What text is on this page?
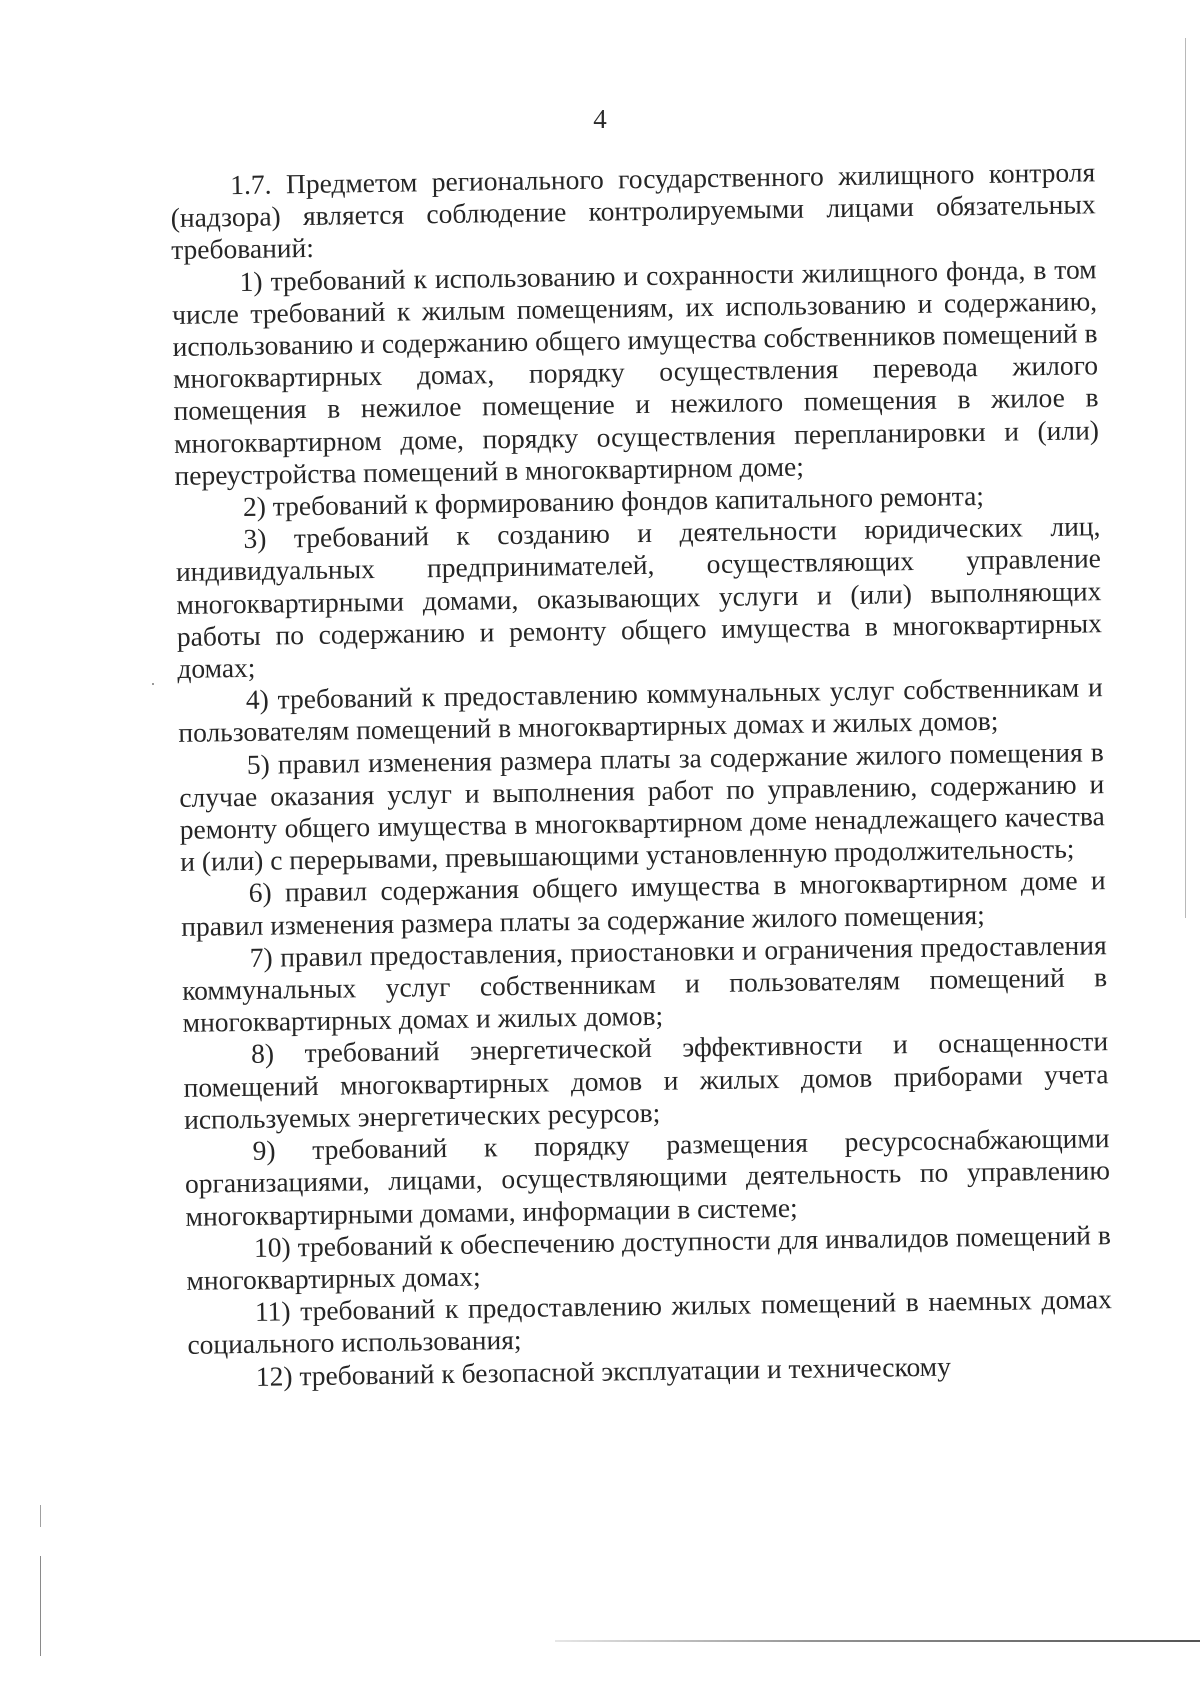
4

1.7. Предметом регионального государственного жилищного контроля (надзора) является соблюдение контролируемыми лицами обязательных требований:

1) требований к использованию и сохранности жилищного фонда, в том числе требований к жилым помещениям, их использованию и содержанию, использованию и содержанию общего имущества собственников помещений в многоквартирных домах, порядку осуществления перевода жилого помещения в нежилое помещение и нежилого помещения в жилое в многоквартирном доме, порядку осуществления перепланировки и (или) переустройства помещений в многоквартирном доме;

2) требований к формированию фондов капитального ремонта;

3) требований к созданию и деятельности юридических лиц, индивидуальных предпринимателей, осуществляющих управление многоквартирными домами, оказывающих услуги и (или) выполняющих работы по содержанию и ремонту общего имущества в многоквартирных домах;

4) требований к предоставлению коммунальных услуг собственникам и пользователям помещений в многоквартирных домах и жилых домов;

5) правил изменения размера платы за содержание жилого помещения в случае оказания услуг и выполнения работ по управлению, содержанию и ремонту общего имущества в многоквартирном доме ненадлежащего качества и (или) с перерывами, превышающими установленную продолжительность;

6) правил содержания общего имущества в многоквартирном доме и правил изменения размера платы за содержание жилого помещения;

7) правил предоставления, приостановки и ограничения предоставления коммунальных услуг собственникам и пользователям помещений в многоквартирных домах и жилых домов;

8) требований энергетической эффективности и оснащенности помещений многоквартирных домов и жилых домов приборами учета используемых энергетических ресурсов;

9) требований к порядку размещения ресурсоснабжающими организациями, лицами, осуществляющими деятельность по управлению многоквартирными домами, информации в системе;

10) требований к обеспечению доступности для инвалидов помещений в многоквартирных домах;

11) требований к предоставлению жилых помещений в наемных домах социального использования;

12) требований к безопасной эксплуатации и техническому
